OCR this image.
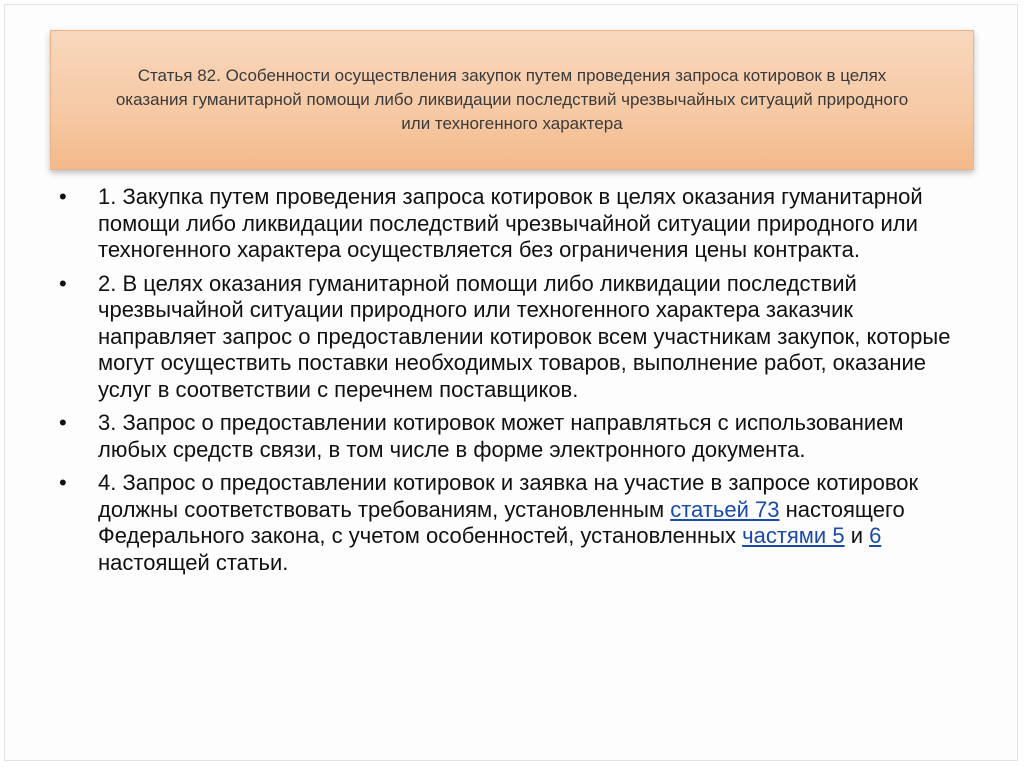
Статья 82. Особенности осуществления закупок путем проведения запроса котировок в целях оказания гуманитарной помощи либо ликвидации последствий чрезвычайных ситуаций природного или техногенного характера
• 1. Закупка путем проведения запроса котировок в целях оказания гуманитарной помощи либо ликвидации последствий чрезвычайной ситуации природного или техногенного характера осуществляется без ограничения цены контракта.
• 2. В целях оказания гуманитарной помощи либо ликвидации последствий чрезвычайной ситуации природного или техногенного характера заказчик направляет запрос о предоставлении котировок всем участникам закупок, которые могут осуществить поставки необходимых товаров, выполнение работ, оказание услуг в соответствии с перечнем поставщиков.
• 3. Запрос о предоставлении котировок может направляться с использованием любых средств связи, в том числе в форме электронного документа.
• 4. Запрос о предоставлении котировок и заявка на участие в запросе котировок должны соответствовать требованиям, установленным статьей 73 настоящего Федерального закона, с учетом особенностей, установленных частями 5 и 6 настоящей статьи.
